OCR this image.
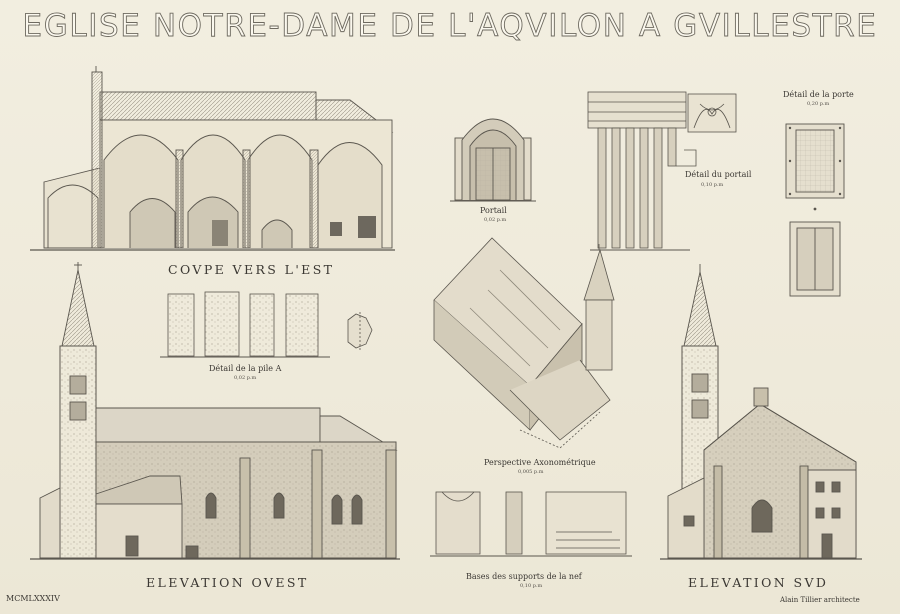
EGLISE NOTRE-DAME DE L'AQVILON A GVILLESTRE
COVPE VERS L'EST
Détail de la pile A
0,02 p.m
Portail
0,02 p.m
Détail du portail
0,10 p.m
Détail de la porte
0,20 p.m
Perspective Axonométrique
0,005 p.m
Bases des supports de la nef
0,10 p.m
ELEVATION OVEST	ELEVATION SVD
MCMLXXXIV	Alain Tillier architecte
